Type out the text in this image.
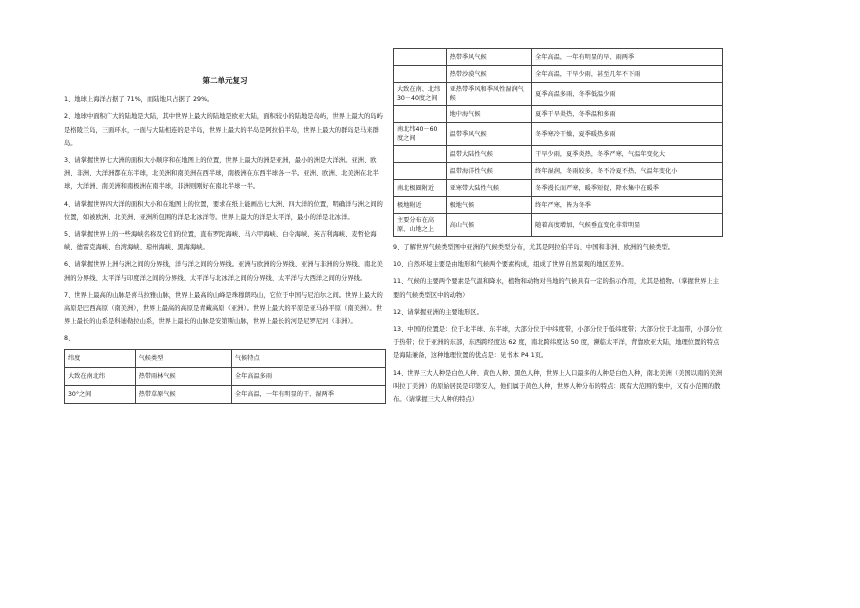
第二单元复习

1、地球上海洋占据了 71%，而陆地只占据了 29%。

2、地球中面积广大的陆地是大陆，其中世界上最大的陆地是欧亚大陆，面积较小的陆地是岛屿，世界上最大的岛屿是格陵兰岛，三面环水，一面与大陆相连的是半岛，世界上最大的半岛是阿拉伯半岛，世界上最大的群岛是马来群岛。

3、请掌握世界七大洲的面积大小顺序和在地图上的位置，世界上最大的洲是亚洲，最小的洲是大洋洲。亚洲、欧洲、非洲、大洋洲都在东半球，北美洲和南美洲在西半球，南极洲在东西半球各一半。亚洲、欧洲、北美洲在北半球，大洋洲、南美洲和南极洲在南半球，非洲则刚好在南北半球一半。

4、请掌握世界四大洋的面积大小和在地图上的位置，要求在纸上能画出七大洲、四大洋的位置，明确洋与洲之间的位置，如被欧洲、北美洲、亚洲所包围的洋是北冰洋等。世界上最大的洋是太平洋，最小的洋是北冰洋。

5、请掌握世界上的一些海峡名称及它们的位置，直布罗陀海峡、马六甲海峡、白令海峡、英吉利海峡、麦哲伦海峡、德雷克海峡、台湾海峡、琼州海峡、黑海海峡。

6、请掌握世界上洲与洲之间的分界线，洋与洋之间的分界线。亚洲与欧洲的分界线、亚洲与非洲的分界线、南北美洲的分界线、太平洋与印度洋之间的分界线、太平洋与北冰洋之间的分界线、太平洋与大西洋之间的分界线。

7、世界上最高的山脉是喜马拉雅山脉，世界上最高的山峰是珠穆朗玛山，它位于中国与尼泊尔之间。世界上最大的高原是巴西高原（南美洲），世界上最高的高原是青藏高原（亚洲）。世界上最大的平原是亚马孙平原（南美洲）。世界上最长的山系是科迪勒拉山系，世界上最长的山脉是安第斯山脉，世界上最长的河是尼罗尼河（非洲）。

8、

纬度	气候类型	气候特点
大致在南北纬	热带雨林气候	全年高温多雨
30°之间	热带草原气候	全年高温，一年有明显的干、湿两季
	热带季风气候	全年高温，一年有明显的旱、雨两季
	热带沙漠气候	全年高温，干旱少雨，甚至几年不下雨
大致在南、北纬 30－40度之间	亚热带季风和季风性湿润气候	夏季高温多雨，冬季低温少雨
	地中海气候	夏季干旱炎热，冬季温和多雨
南北纬40－60度之间	温带季风气候	冬季寒冷干燥，夏季暖热多雨
	温带大陆性气候	干旱少雨，夏季炎热，冬季严寒，气温年变化大
	温带海洋性气候	终年湿润，冬雨较多，冬不冷夏不热，气温年变化小
南北极圈附近	亚寒带大陆性气候	冬季漫长而严寒，暖季短促，降水集中在暖季
极地附近	极地气候	终年严寒，皆为冬季
主要分布在高原、山地之上	高山气候	随着高度增加，气候垂直变化非常明显

9、了解世界气候类型图中亚洲的气候类型分布，尤其是阿拉伯半岛、中国和非洲、欧洲的气候类型。

10、自然环境主要是由地形和气候两个要素构成，组成了世界自然景观的地区差异。

11、气候的主要两个要素是气温和降水，植物和动物对当地的气候具有一定的指示作用，尤其是植物。（掌握世界上主要的气候类型区中的动物）

12、请掌握亚洲的主要地形区。

13、中国的位置是：位于北半球、东半球，大部分位于中纬度带，小部分位于低纬度带；大部分位于北温带，小部分位于热带；位于亚洲的东部，东西跨经度达 62 度，南北跨纬度达 50 度，濒临太平洋，背靠欧亚大陆，地理位置的特点是海陆兼备，这种地理位置的优点是：见书本 P4 1页。

14、世界三大人种是白色人种、黄色人种、黑色人种，世界上人口最多的人种是白色人种，南北美洲（美国以南的美洲叫拉丁美洲）的原始居民是印第安人，他们属于黄色人种，世界人种分布的特点：既有大范围的集中，又有小范围的散布。（请掌握三大人种的特点）
